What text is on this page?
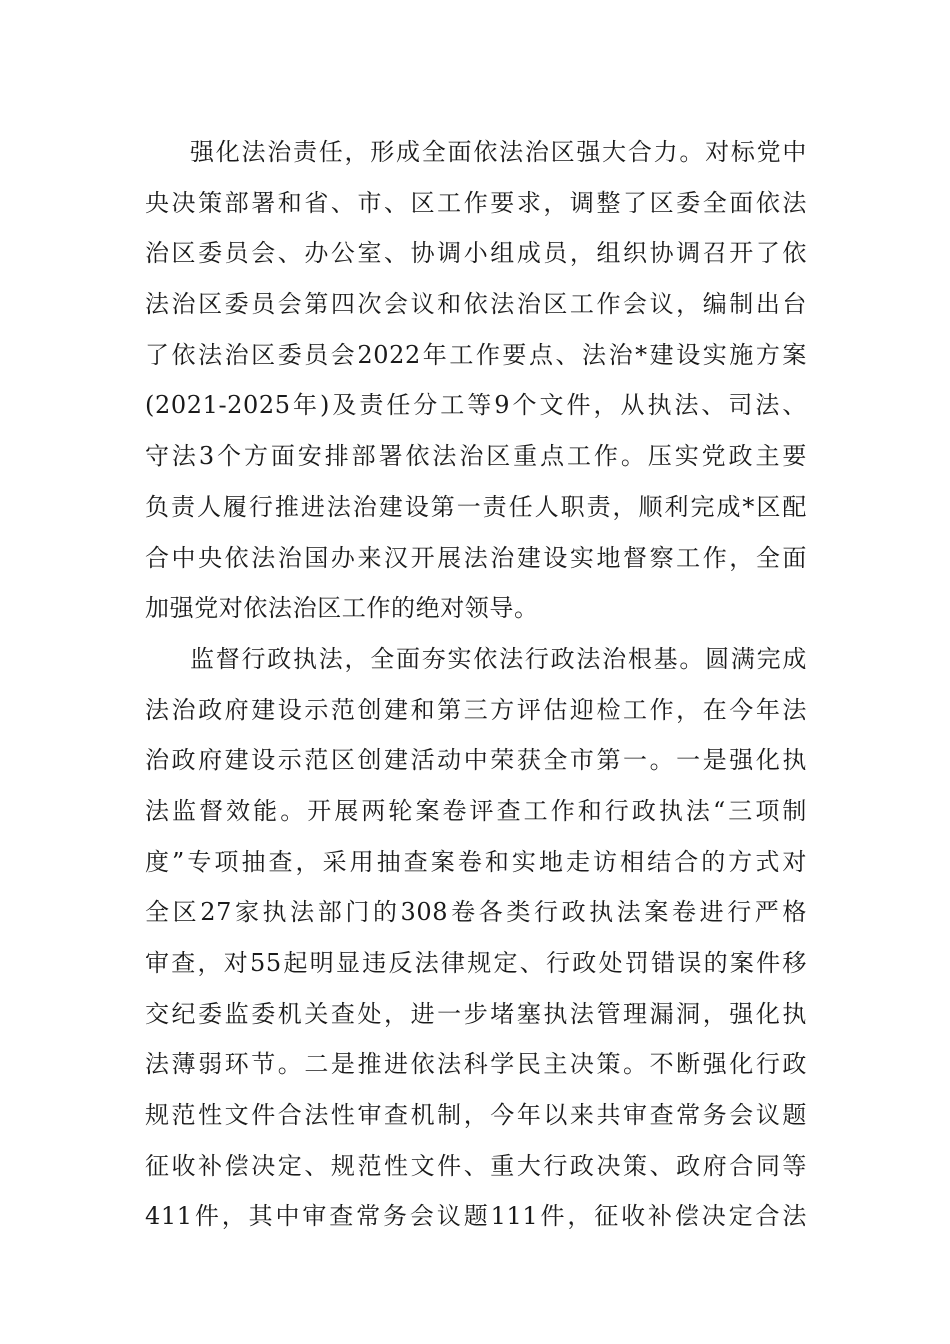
强化法治责任，形成全面依法治区强大合力。对标党中
央决策部署和省、市、区工作要求，调整了区委全面依法
治区委员会、办公室、协调小组成员，组织协调召开了依
法治区委员会第四次会议和依法治区工作会议，编制出台
了依法治区委员会2022年工作要点、法治*建设实施方案
(2021-2025年)及责任分工等9个文件，从执法、司法、
守法3个方面安排部署依法治区重点工作。压实党政主要
负责人履行推进法治建设第一责任人职责，顺利完成*区配
合中央依法治国办来汉开展法治建设实地督察工作，全面
加强党对依法治区工作的绝对领导。
监督行政执法，全面夯实依法行政法治根基。圆满完成
法治政府建设示范创建和第三方评估迎检工作，在今年法
治政府建设示范区创建活动中荣获全市第一。一是强化执
法监督效能。开展两轮案卷评查工作和行政执法“三项制
度”专项抽查，采用抽查案卷和实地走访相结合的方式对
全区27家执法部门的308卷各类行政执法案卷进行严格
审查，对55起明显违反法律规定、行政处罚错误的案件移
交纪委监委机关查处，进一步堵塞执法管理漏洞，强化执
法薄弱环节。二是推进依法科学民主决策。不断强化行政
规范性文件合法性审查机制，今年以来共审查常务会议题
征收补偿决定、规范性文件、重大行政决策、政府合同等
411件，其中审查常务会议题111件，征收补偿决定合法
